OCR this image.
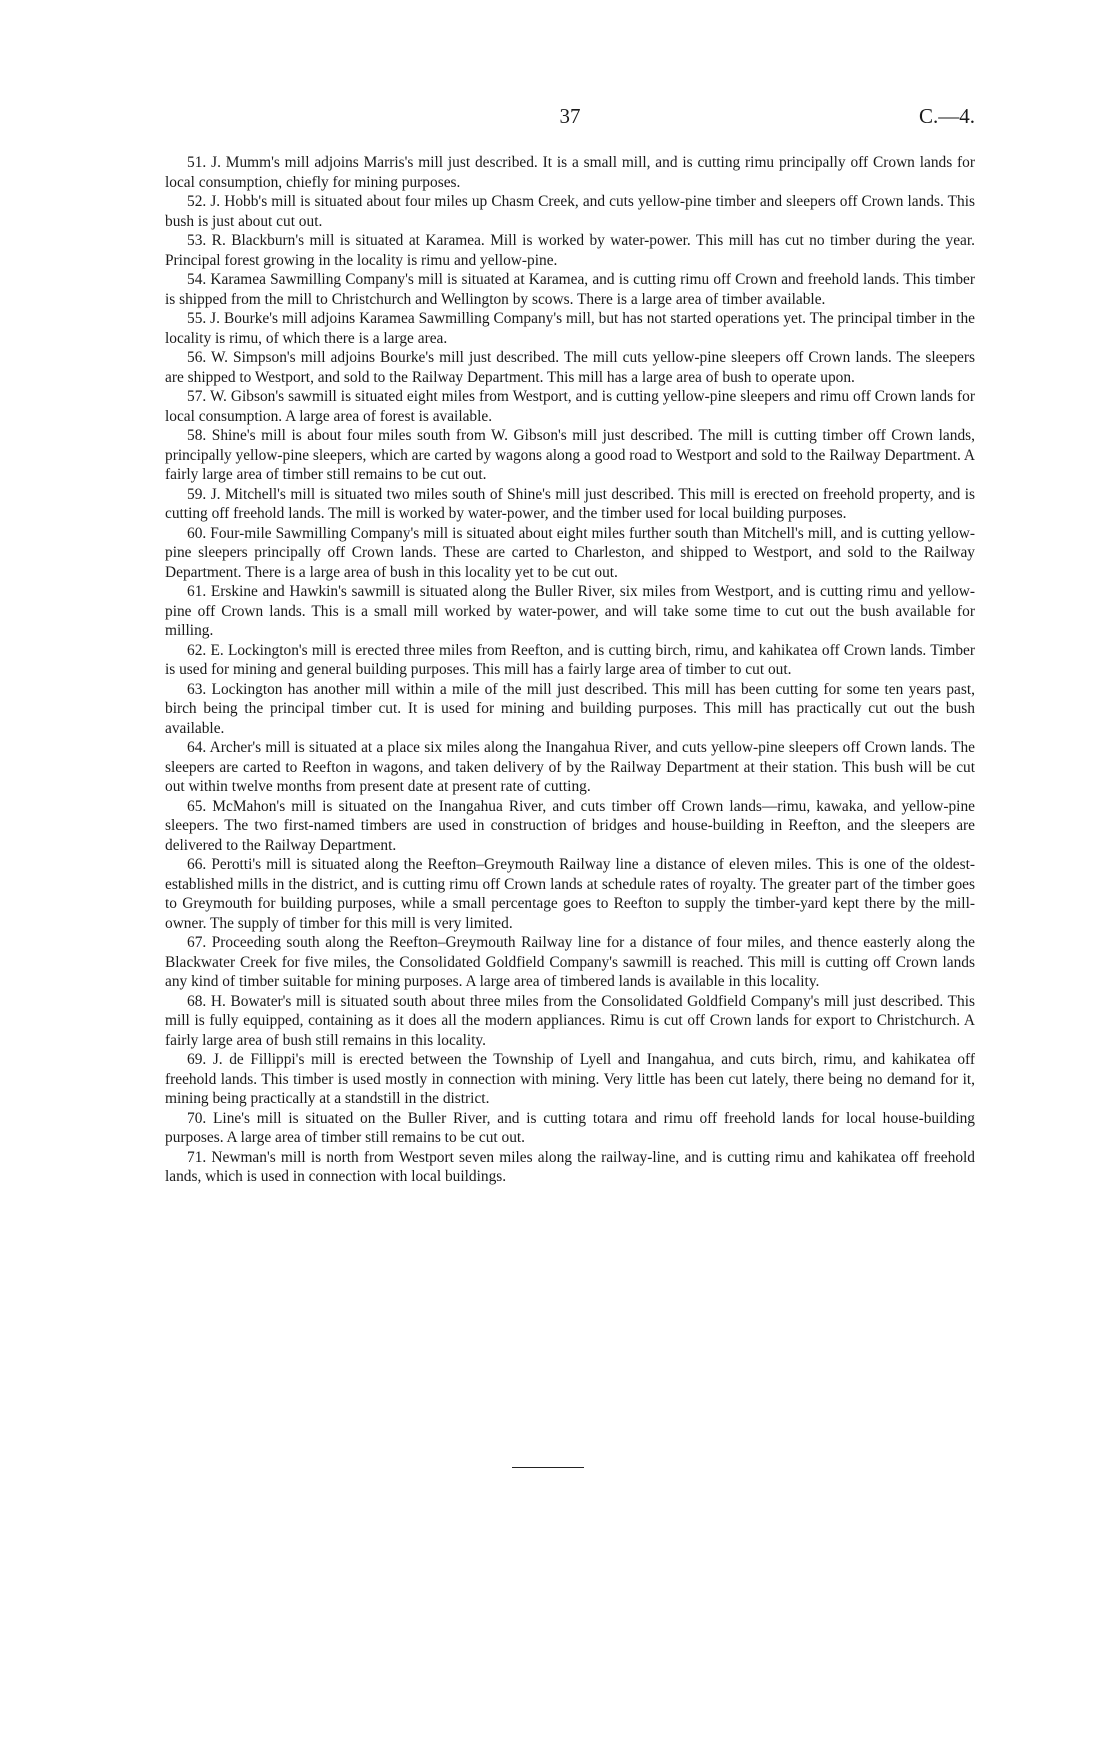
37	C.—4.

51. J. Mumm's mill adjoins Marris's mill just described. It is a small mill, and is cutting rimu principally off Crown lands for local consumption, chiefly for mining purposes.

52. J. Hobb's mill is situated about four miles up Chasm Creek, and cuts yellow-pine timber and sleepers off Crown lands. This bush is just about cut out.

53. R. Blackburn's mill is situated at Karamea. Mill is worked by water-power. This mill has cut no timber during the year. Principal forest growing in the locality is rimu and yellow-pine.

54. Karamea Sawmilling Company's mill is situated at Karamea, and is cutting rimu off Crown and freehold lands. This timber is shipped from the mill to Christchurch and Wellington by scows. There is a large area of timber available.

55. J. Bourke's mill adjoins Karamea Sawmilling Company's mill, but has not started operations yet. The principal timber in the locality is rimu, of which there is a large area.

56. W. Simpson's mill adjoins Bourke's mill just described. The mill cuts yellow-pine sleepers off Crown lands. The sleepers are shipped to Westport, and sold to the Railway Department. This mill has a large area of bush to operate upon.

57. W. Gibson's sawmill is situated eight miles from Westport, and is cutting yellow-pine sleepers and rimu off Crown lands for local consumption. A large area of forest is available.

58. Shine's mill is about four miles south from W. Gibson's mill just described. The mill is cutting timber off Crown lands, principally yellow-pine sleepers, which are carted by wagons along a good road to Westport and sold to the Railway Department. A fairly large area of timber still remains to be cut out.

59. J. Mitchell's mill is situated two miles south of Shine's mill just described. This mill is erected on freehold property, and is cutting off freehold lands. The mill is worked by water-power, and the timber used for local building purposes.

60. Four-mile Sawmilling Company's mill is situated about eight miles further south than Mitchell's mill, and is cutting yellow-pine sleepers principally off Crown lands. These are carted to Charleston, and shipped to Westport, and sold to the Railway Department. There is a large area of bush in this locality yet to be cut out.

61. Erskine and Hawkin's sawmill is situated along the Buller River, six miles from Westport, and is cutting rimu and yellow-pine off Crown lands. This is a small mill worked by water-power, and will take some time to cut out the bush available for milling.

62. E. Lockington's mill is erected three miles from Reefton, and is cutting birch, rimu, and kahikatea off Crown lands. Timber is used for mining and general building purposes. This mill has a fairly large area of timber to cut out.

63. Lockington has another mill within a mile of the mill just described. This mill has been cutting for some ten years past, birch being the principal timber cut. It is used for mining and building purposes. This mill has practically cut out the bush available.

64. Archer's mill is situated at a place six miles along the Inangahua River, and cuts yellow-pine sleepers off Crown lands. The sleepers are carted to Reefton in wagons, and taken delivery of by the Railway Department at their station. This bush will be cut out within twelve months from present date at present rate of cutting.

65. McMahon's mill is situated on the Inangahua River, and cuts timber off Crown lands—rimu, kawaka, and yellow-pine sleepers. The two first-named timbers are used in construction of bridges and house-building in Reefton, and the sleepers are delivered to the Railway Department.

66. Perotti's mill is situated along the Reefton–Greymouth Railway line a distance of eleven miles. This is one of the oldest-established mills in the district, and is cutting rimu off Crown lands at schedule rates of royalty. The greater part of the timber goes to Greymouth for building purposes, while a small percentage goes to Reefton to supply the timber-yard kept there by the mill-owner. The supply of timber for this mill is very limited.

67. Proceeding south along the Reefton–Greymouth Railway line for a distance of four miles, and thence easterly along the Blackwater Creek for five miles, the Consolidated Goldfield Company's sawmill is reached. This mill is cutting off Crown lands any kind of timber suitable for mining purposes. A large area of timbered lands is available in this locality.

68. H. Bowater's mill is situated south about three miles from the Consolidated Goldfield Company's mill just described. This mill is fully equipped, containing as it does all the modern appliances. Rimu is cut off Crown lands for export to Christchurch. A fairly large area of bush still remains in this locality.

69. J. de Fillippi's mill is erected between the Township of Lyell and Inangahua, and cuts birch, rimu, and kahikatea off freehold lands. This timber is used mostly in connection with mining. Very little has been cut lately, there being no demand for it, mining being practically at a standstill in the district.

70. Line's mill is situated on the Buller River, and is cutting totara and rimu off freehold lands for local house-building purposes. A large area of timber still remains to be cut out.

71. Newman's mill is north from Westport seven miles along the railway-line, and is cutting rimu and kahikatea off freehold lands, which is used in connection with local buildings.
